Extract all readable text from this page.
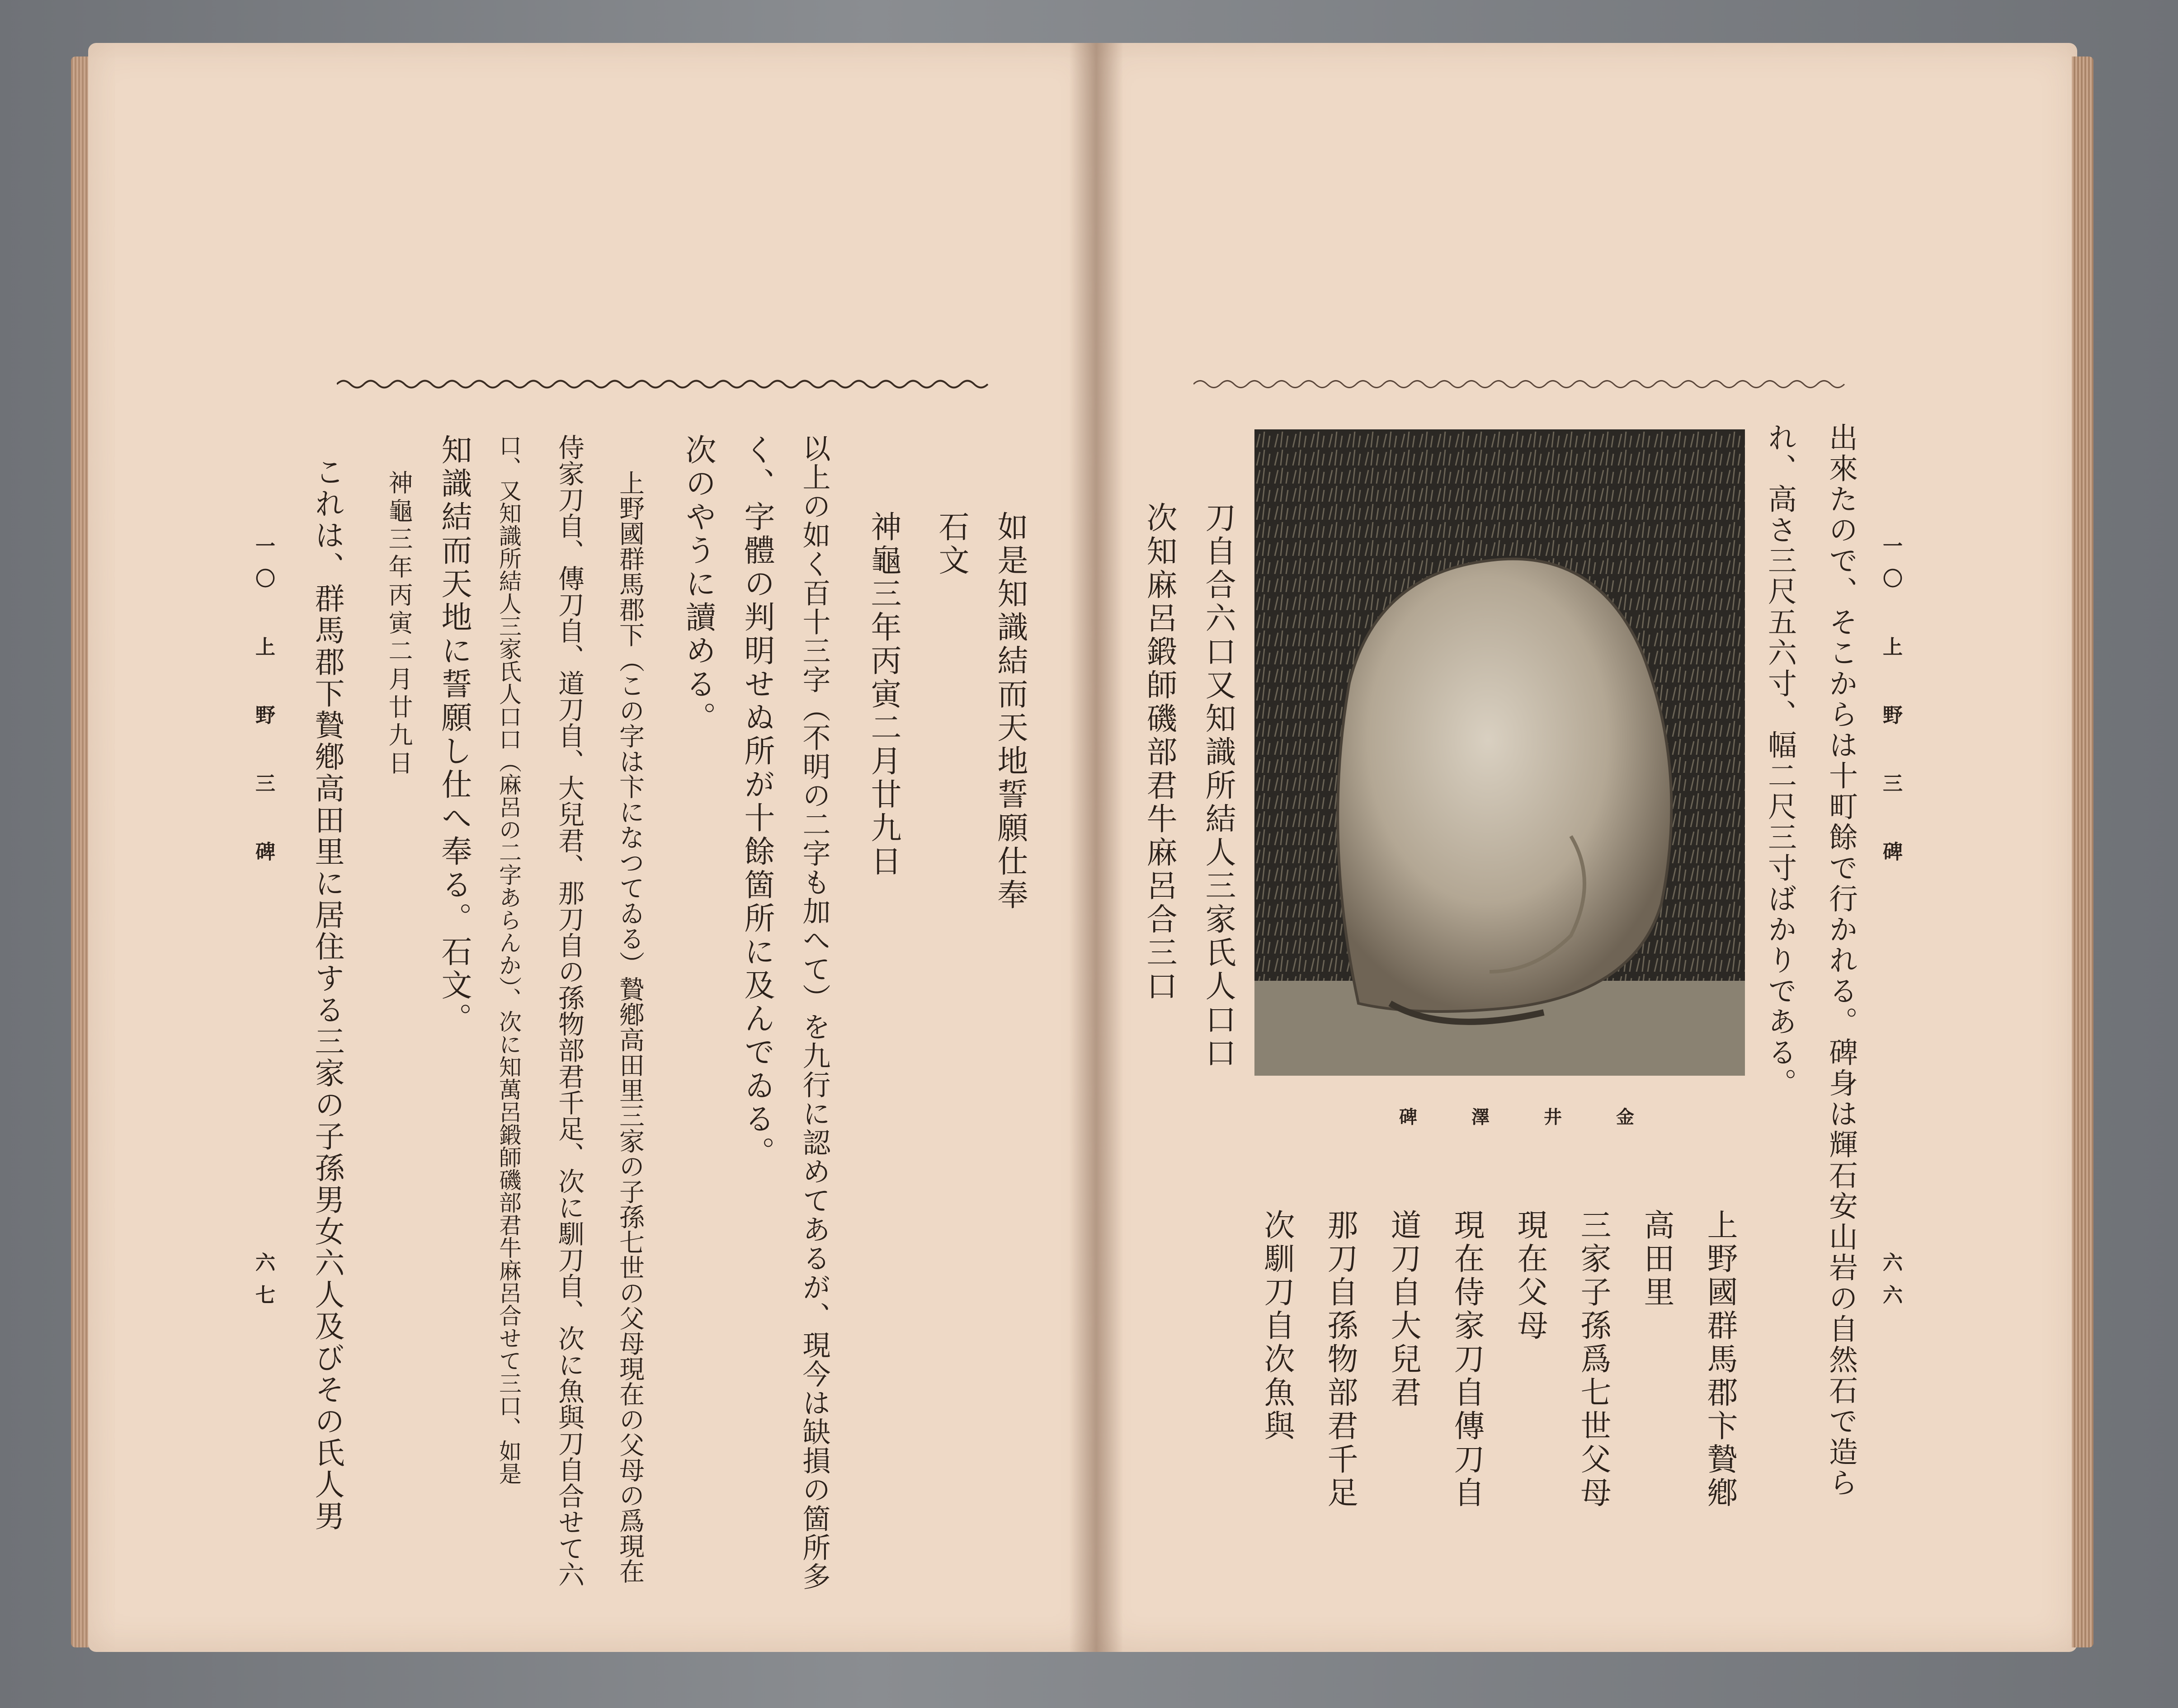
一〇 上 野 三 碑
六七
如是知識結而天地誓願仕奉
石文
神龜三年丙寅二月廿九日
以上の如く百十三字（不明の二字も加へて）を九行に認めてあるが、現今は缺損の箇所多
く、字體の判明せぬ所が十餘箇所に及んでゐる。
次のやうに讀める。
上野國群馬郡下（この字は卞になつてゐる）贄鄕高田里三家の子孫七世の父母現在の父母の爲現在
侍家刀自、傳刀自、道刀自、大兒君、那刀自の孫物部君千足、次に馴刀自、次に魚與刀自合せて六
口、又知識所結人三家氏人口口（麻呂の二字あらんか）、次に知萬呂鍛師磯部君牛麻呂合せて三口、如是
知識結而天地に誓願し仕へ奉る。石文。
神龜三年丙寅二月廿九日
これは、群馬郡下贄鄕高田里に居住する三家の子孫男女六人及びその氏人男	一〇 上 野 三 碑
六六
出來たので、そこからは十町餘で行かれる。碑身は輝石安山岩の自然石で造ら
れ、高さ三尺五六寸、幅二尺三寸ばかりである。
上野國群馬郡卞贄鄕
高田里
三家子孫爲七世父母
現在父母
現在侍家刀自傳刀自
道刀自大兒君
那刀自孫物部君千足
次馴刀自次魚與
刀自合六口又知識所結人三家氏人口口
次知麻呂鍛師磯部君牛麻呂合三口
金井澤碑
